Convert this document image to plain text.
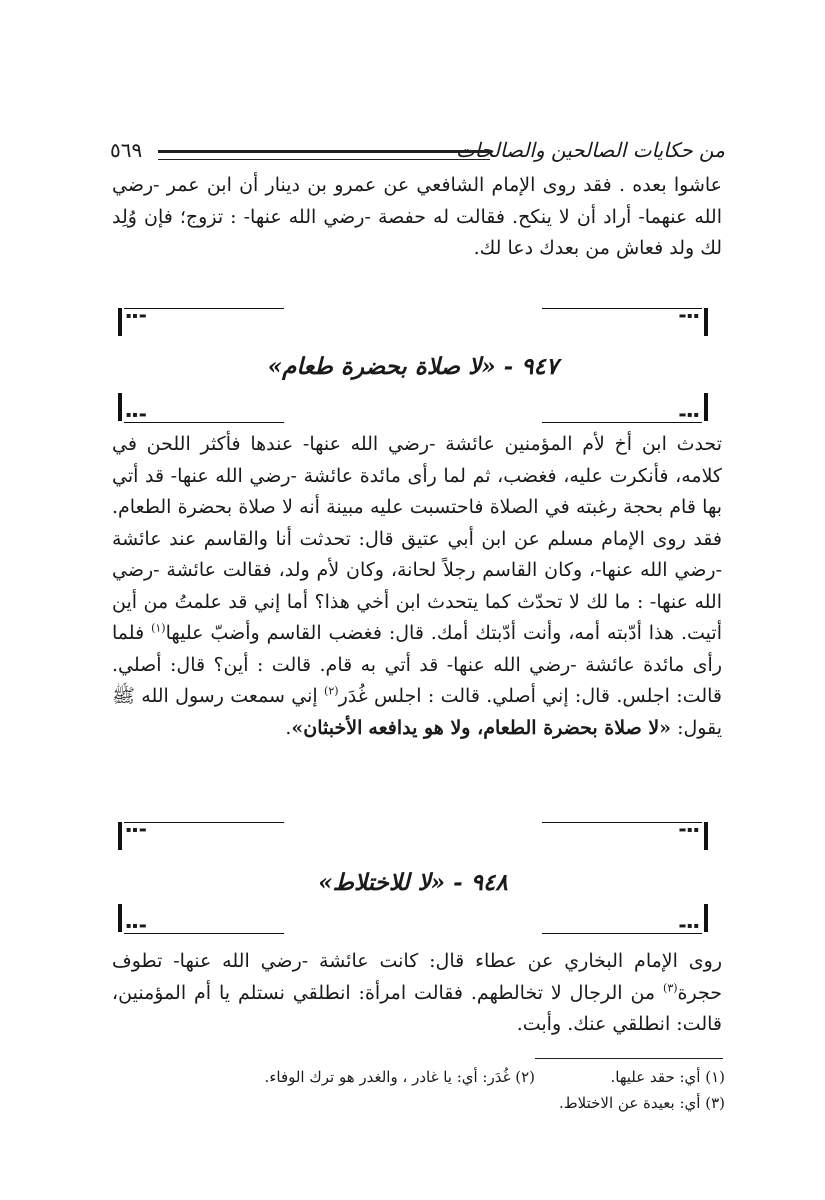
من حكايات الصالحين والصالحات
٥٦٩

عاشوا بعده . فقد روى الإمام الشافعي عن عمرو بن دينار أن ابن عمر -رضي الله عنهما- أراد أن لا ينكح. فقالت له حفصة -رضي الله عنها- : تزوج؛ فإن وُلِد لك ولد فعاش من بعدك دعا لك.

▪▪▬	▬▪▪
٩٤٧ - «لا صلاة بحضرة طعام»
▪▪▬	▬▪▪

تحدث ابن أخ لأم المؤمنين عائشة -رضي الله عنها- عندها فأكثر اللحن في كلامه، فأنكرت عليه، فغضب، ثم لما رأى مائدة عائشة -رضي الله عنها- قد أتي بها قام بحجة رغبته في الصلاة فاحتسبت عليه مبينة أنه لا صلاة بحضرة الطعام. فقد روى الإمام مسلم عن ابن أبي عتيق قال: تحدثت أنا والقاسم عند عائشة -رضي الله عنها-، وكان القاسم رجلاً لحانة، وكان لأم ولد، فقالت عائشة -رضي الله عنها- : ما لك لا تحدّث كما يتحدث ابن أخي هذا؟ أما إني قد علمتُ من أين أتيت. هذا أدّبته أمه، وأنت أدّبتك أمك. قال: فغضب القاسم وأضبّ عليها$^{(١)}$ فلما رأى مائدة عائشة -رضي الله عنها- قد أتي به قام. قالت : أين؟ قال: أصلي. قالت: اجلس. قال: إني أصلي. قالت : اجلس غُدَر$^{(٢)}$ إني سمعت رسول الله ﷺ يقول: «لا صلاة بحضرة الطعام، ولا هو يدافعه الأخبثان».

▪▪▬	▬▪▪
٩٤٨ - «لا للاختلاط»
▪▪▬	▬▪▪

روى الإمام البخاري عن عطاء قال: كانت عائشة -رضي الله عنها- تطوف حجرة$^{(٣)}$ من الرجال لا تخالطهم. فقالت امرأة: انطلقي نستلم يا أم المؤمنين، قالت: انطلقي عنك. وأبت.

(١) أي: حقد عليها.
(٢) غُدَر: أي: يا غادر ، والغدر هو ترك الوفاء.
(٣) أي: بعيدة عن الاختلاط.
